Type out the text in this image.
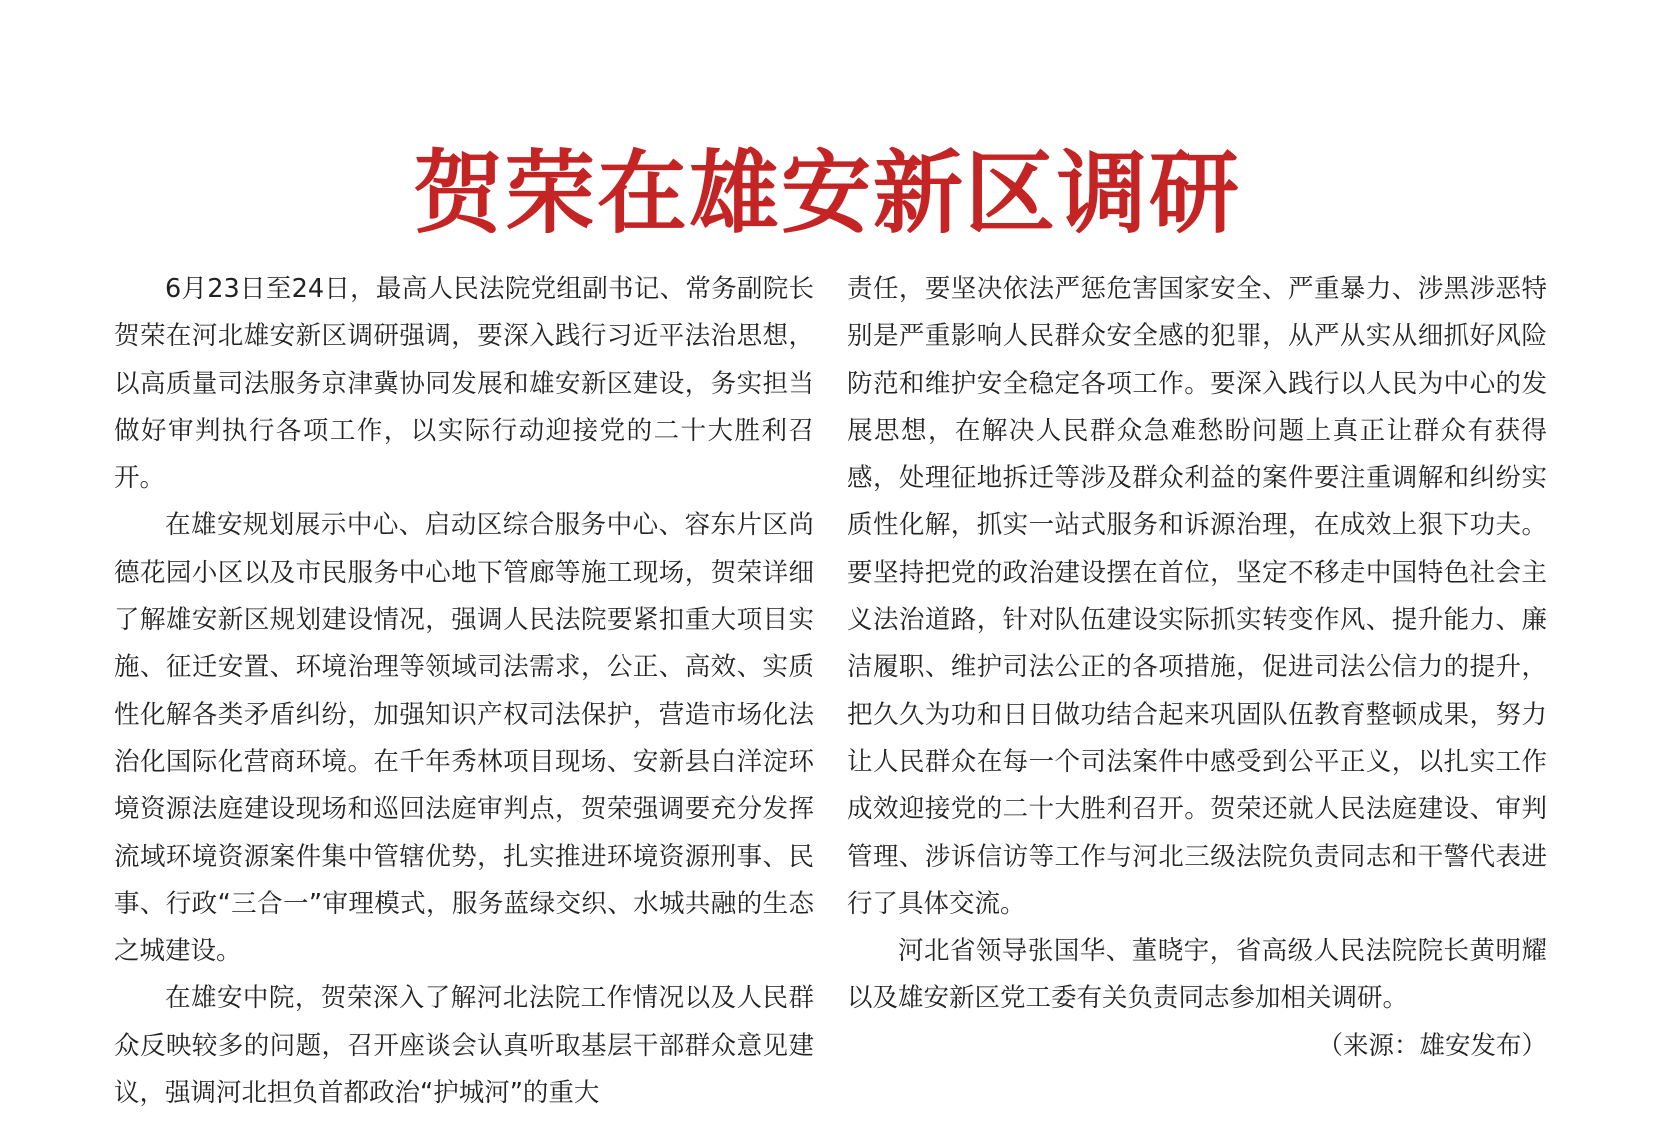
贺荣在雄安新区调研

6月23日至24日，最高人民法院党组副书记、常务副院长贺荣在河北雄安新区调研强调，要深入践行习近平法治思想，以高质量司法服务京津冀协同发展和雄安新区建设，务实担当做好审判执行各项工作，以实际行动迎接党的二十大胜利召开。

在雄安规划展示中心、启动区综合服务中心、容东片区尚德花园小区以及市民服务中心地下管廊等施工现场，贺荣详细了解雄安新区规划建设情况，强调人民法院要紧扣重大项目实施、征迁安置、环境治理等领域司法需求，公正、高效、实质性化解各类矛盾纠纷，加强知识产权司法保护，营造市场化法治化国际化营商环境。在千年秀林项目现场、安新县白洋淀环境资源法庭建设现场和巡回法庭审判点，贺荣强调要充分发挥流域环境资源案件集中管辖优势，扎实推进环境资源刑事、民事、行政“三合一”审理模式，服务蓝绿交织、水城共融的生态之城建设。

在雄安中院，贺荣深入了解河北法院工作情况以及人民群众反映较多的问题，召开座谈会认真听取基层干部群众意见建议，强调河北担负首都政治“护城河”的重大

责任，要坚决依法严惩危害国家安全、严重暴力、涉黑涉恶特别是严重影响人民群众安全感的犯罪，从严从实从细抓好风险防范和维护安全稳定各项工作。要深入践行以人民为中心的发展思想，在解决人民群众急难愁盼问题上真正让群众有获得感，处理征地拆迁等涉及群众利益的案件要注重调解和纠纷实质性化解，抓实一站式服务和诉源治理，在成效上狠下功夫。要坚持把党的政治建设摆在首位，坚定不移走中国特色社会主义法治道路，针对队伍建设实际抓实转变作风、提升能力、廉洁履职、维护司法公正的各项措施，促进司法公信力的提升，把久久为功和日日做功结合起来巩固队伍教育整顿成果，努力让人民群众在每一个司法案件中感受到公平正义，以扎实工作成效迎接党的二十大胜利召开。贺荣还就人民法庭建设、审判管理、涉诉信访等工作与河北三级法院负责同志和干警代表进行了具体交流。

河北省领导张国华、董晓宇，省高级人民法院院长黄明耀以及雄安新区党工委有关负责同志参加相关调研。

（来源：雄安发布）
